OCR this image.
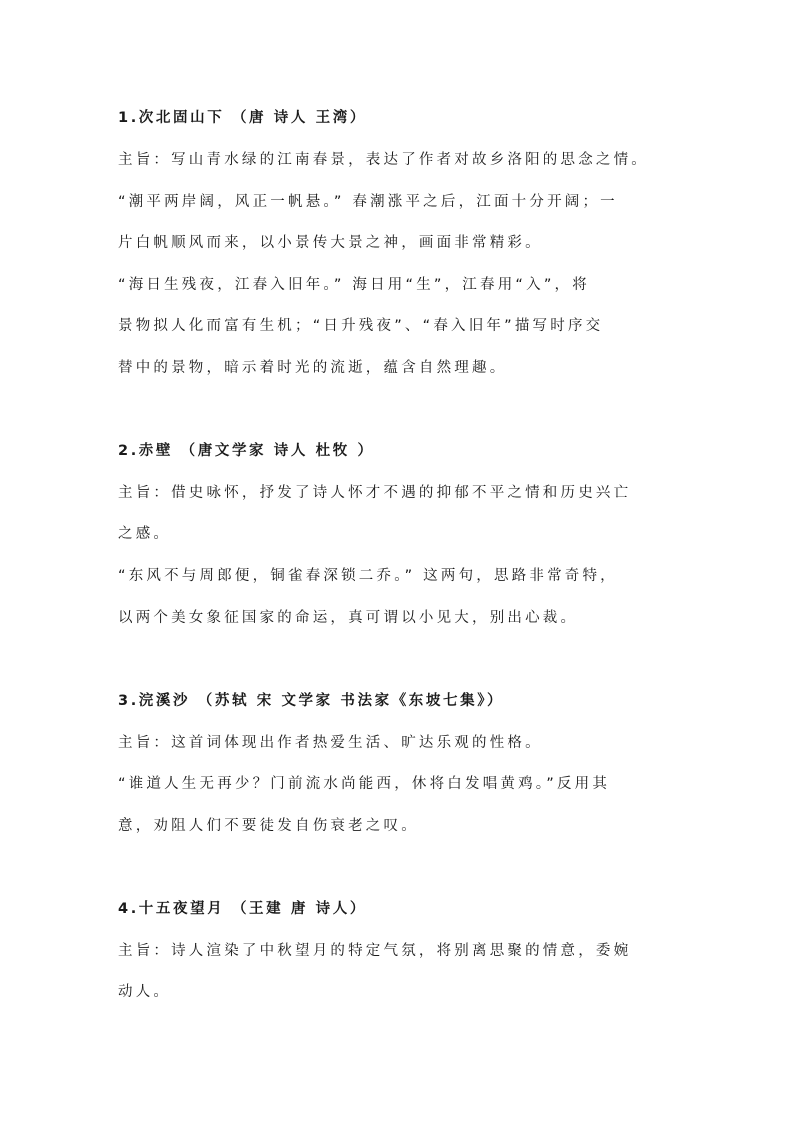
1.次北固山下 （唐 诗人 王湾）
主旨：写山青水绿的江南春景，表达了作者对故乡洛阳的思念之情。
“潮平两岸阔，风正一帆悬。” 春潮涨平之后，江面十分开阔；一
片白帆顺风而来，以小景传大景之神，画面非常精彩。
“海日生残夜，江春入旧年。” 海日用“生”，江春用“入”，将
景物拟人化而富有生机；“日升残夜”、“春入旧年”描写时序交
替中的景物，暗示着时光的流逝，蕴含自然理趣。
2.赤壁 （唐文学家 诗人 杜牧 ）
主旨：借史咏怀，抒发了诗人怀才不遇的抑郁不平之情和历史兴亡
之感。
“东风不与周郎便，铜雀春深锁二乔。” 这两句，思路非常奇特，
以两个美女象征国家的命运，真可谓以小见大，别出心裁。
3.浣溪沙 （苏轼 宋 文学家 书法家《东坡七集》）
主旨：这首词体现出作者热爱生活、旷达乐观的性格。
“谁道人生无再少？门前流水尚能西，休将白发唱黄鸡。”反用其
意，劝阻人们不要徒发自伤衰老之叹。
4.十五夜望月 （王建 唐 诗人）
主旨：诗人渲染了中秋望月的特定气氛，将别离思聚的情意，委婉
动人。
